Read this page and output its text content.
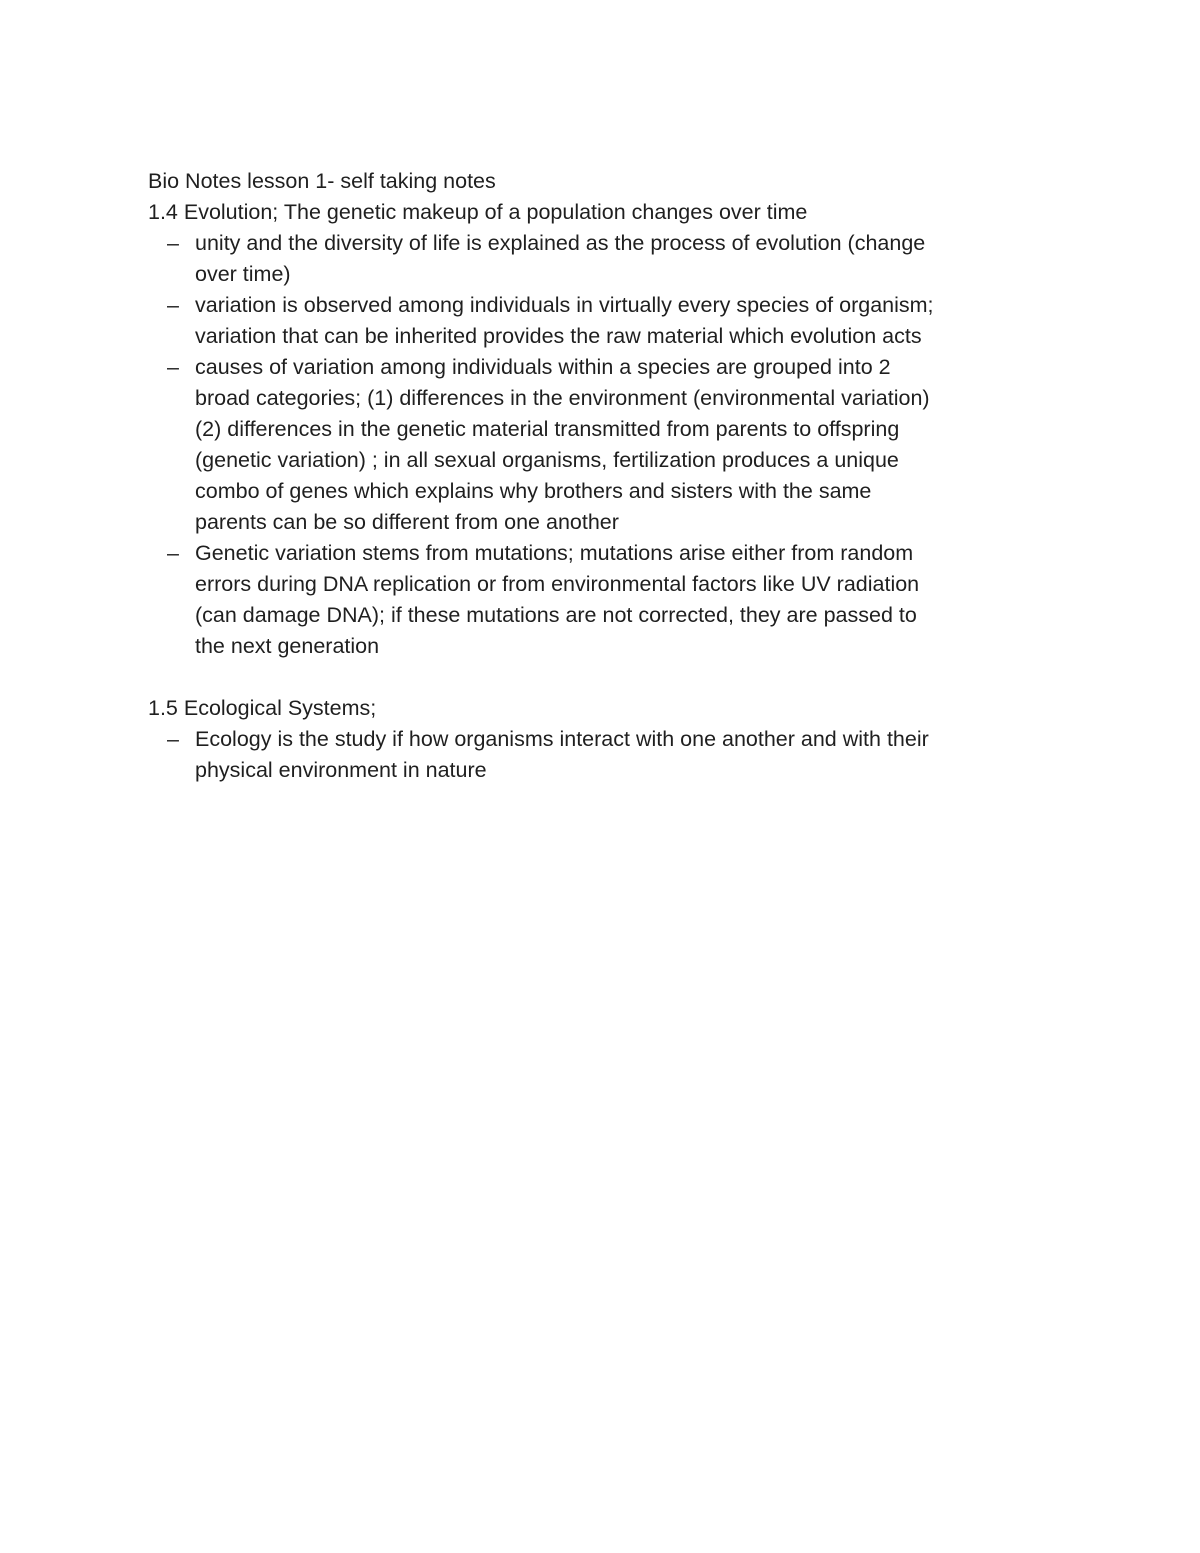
Bio Notes lesson 1- self taking notes
1.4 Evolution; The genetic makeup of a population changes over time
– unity and the diversity of life is explained as the process of evolution (change
over time)
– variation is observed among individuals in virtually every species of organism;
variation that can be inherited provides the raw material which evolution acts
– causes of variation among individuals within a species are grouped into 2
broad categories; (1) differences in the environment (environmental variation)
(2) differences in the genetic material transmitted from parents to offspring
(genetic variation) ; in all sexual organisms, fertilization produces a unique
combo of genes which explains why brothers and sisters with the same
parents can be so different from one another
– Genetic variation stems from mutations; mutations arise either from random
errors during DNA replication or from environmental factors like UV radiation
(can damage DNA); if these mutations are not corrected, they are passed to
the next generation
1.5 Ecological Systems;
– Ecology is the study if how organisms interact with one another and with their
physical environment in nature
